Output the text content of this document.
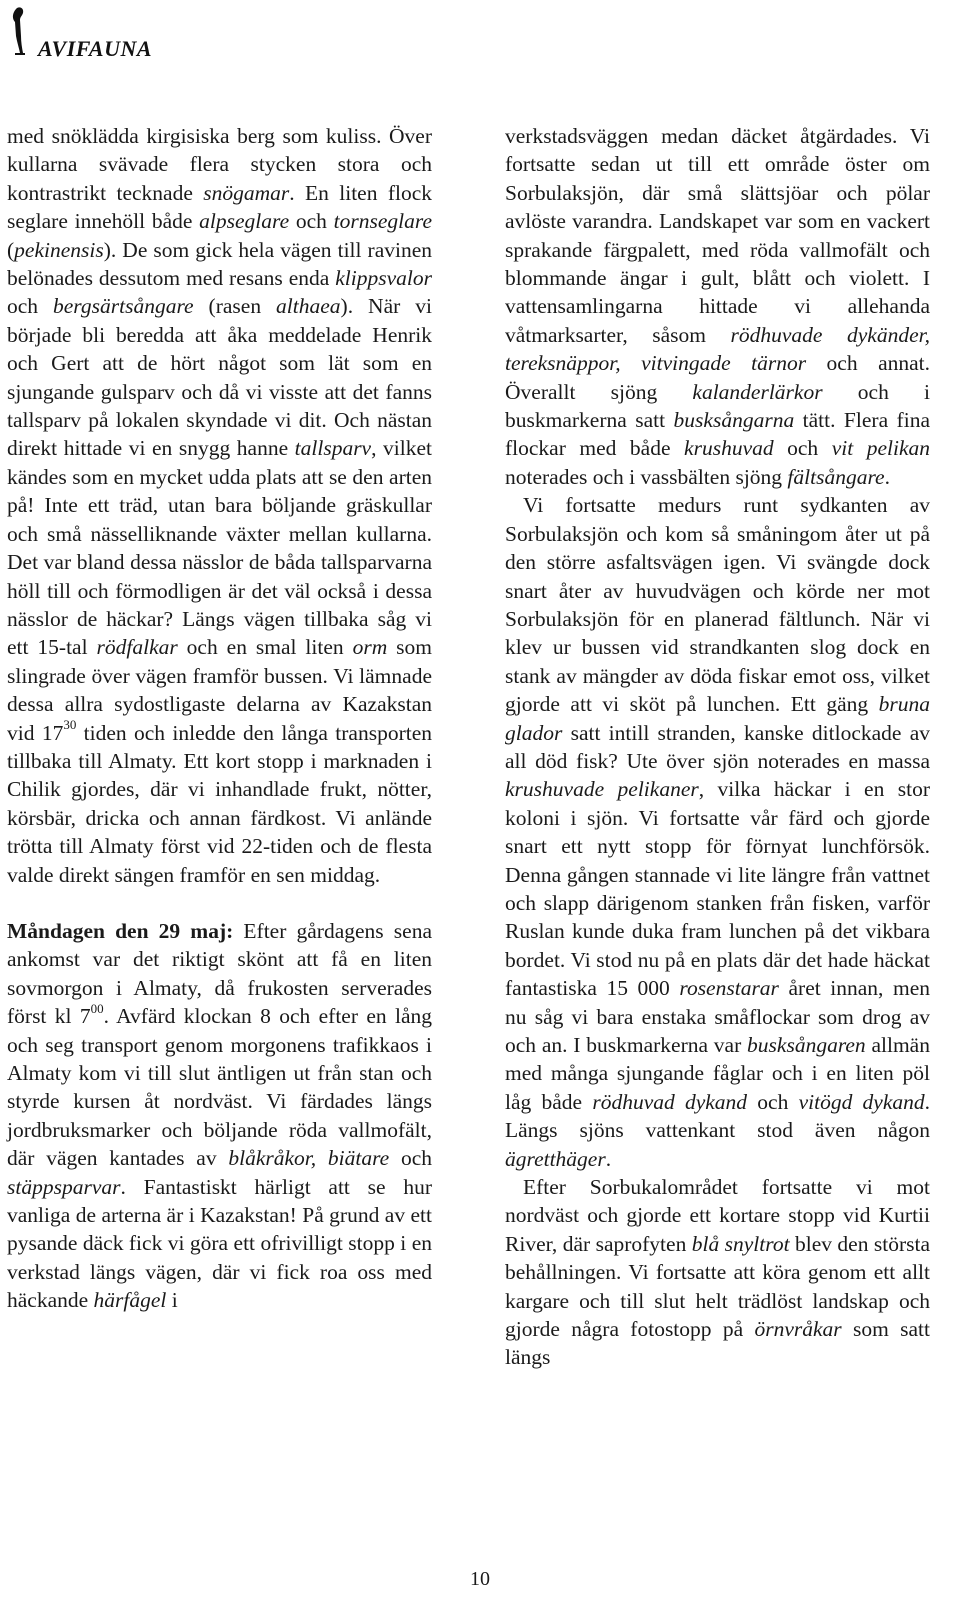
AVIFAUNA

med snöklädda kirgisiska berg som kuliss. Över kullarna svävade flera stycken stora och kontrastrikt tecknade snögamar. En liten flock seglare innehöll både alpseglare och tornseglare (pekinensis). De som gick hela vägen till ravinen belönades dessutom med resans enda klippsvalor och bergsärtsångare (rasen althaea). När vi började bli beredda att åka meddelade Henrik och Gert att de hört något som lät som en sjungande gulsparv och då vi visste att det fanns tallsparv på lokalen skyndade vi dit. Och nästan direkt hittade vi en snygg hanne tallsparv, vilket kändes som en mycket udda plats att se den arten på! Inte ett träd, utan bara böljande gräskullar och små nässelliknande växter mellan kullarna. Det var bland dessa nässlor de båda tallsparvarna höll till och förmodligen är det väl också i dessa nässlor de häckar? Längs vägen tillbaka såg vi ett 15-tal rödfalkar och en smal liten orm som slingrade över vägen framför bussen. Vi lämnade dessa allra sydostligaste delarna av Kazakstan vid $17^{30}$ tiden och inledde den långa transporten tillbaka till Almaty. Ett kort stopp i marknaden i Chilik gjordes, där vi inhandlade frukt, nötter, körsbär, dricka och annan färdkost. Vi anlände trötta till Almaty först vid 22-tiden och de flesta valde direkt sängen framför en sen middag.

Måndagen den 29 maj: Efter gårdagens sena ankomst var det riktigt skönt att få en liten sovmorgon i Almaty, då frukosten serverades först kl $7^{00}$. Avfärd klockan 8 och efter en lång och seg transport genom morgonens trafikkaos i Almaty kom vi till slut äntligen ut från stan och styrde kursen åt nordväst. Vi färdades längs jordbruksmarker och böljande röda vallmofält, där vägen kantades av blåkråkor, biätare och stäppsparvar. Fantastiskt härligt att se hur vanliga de arterna är i Kazakstan! På grund av ett pysande däck fick vi göra ett ofrivilligt stopp i en verkstad längs vägen, där vi fick roa oss med häckande härfågel i

verkstadsväggen medan däcket åtgärdades. Vi fortsatte sedan ut till ett område öster om Sorbulaksjön, där små slättsjöar och pölar avlöste varandra. Landskapet var som en vackert sprakande färgpalett, med röda vallmofält och blommande ängar i gult, blått och violett. I vattensamlingarna hittade vi allehanda våtmarksarter, såsom rödhuvade dykänder, tereksnäppor, vitvingade tärnor och annat. Överallt sjöng kalanderlärkor och i buskmarkerna satt busksångarna tätt. Flera fina flockar med både krushuvad och vit pelikan noterades och i vassbälten sjöng fältsångare.

Vi fortsatte medurs runt sydkanten av Sorbulaksjön och kom så småningom åter ut på den större asfaltsvägen igen. Vi svängde dock snart åter av huvudvägen och körde ner mot Sorbulaksjön för en planerad fältlunch. När vi klev ur bussen vid strandkanten slog dock en stank av mängder av döda fiskar emot oss, vilket gjorde att vi sköt på lunchen. Ett gäng bruna glador satt intill stranden, kanske ditlockade av all död fisk? Ute över sjön noterades en massa krushuvade pelikaner, vilka häckar i en stor koloni i sjön. Vi fortsatte vår färd och gjorde snart ett nytt stopp för förnyat lunchförsök. Denna gången stannade vi lite längre från vattnet och slapp därigenom stanken från fisken, varför Ruslan kunde duka fram lunchen på det vikbara bordet. Vi stod nu på en plats där det hade häckat fantastiska 15 000 rosenstarar året innan, men nu såg vi bara enstaka småflockar som drog av och an. I buskmarkerna var busksångaren allmän med många sjungande fåglar och i en liten pöl låg både rödhuvad dykand och vitögd dykand. Längs sjöns vattenkant stod även någon ägretthäger.

Efter Sorbukalområdet fortsatte vi mot nordväst och gjorde ett kortare stopp vid Kurtii River, där saprofyten blå snyltrot blev den största behållningen. Vi fortsatte att köra genom ett allt kargare och till slut helt trädlöst landskap och gjorde några fotostopp på örnvråkar som satt längs

10
